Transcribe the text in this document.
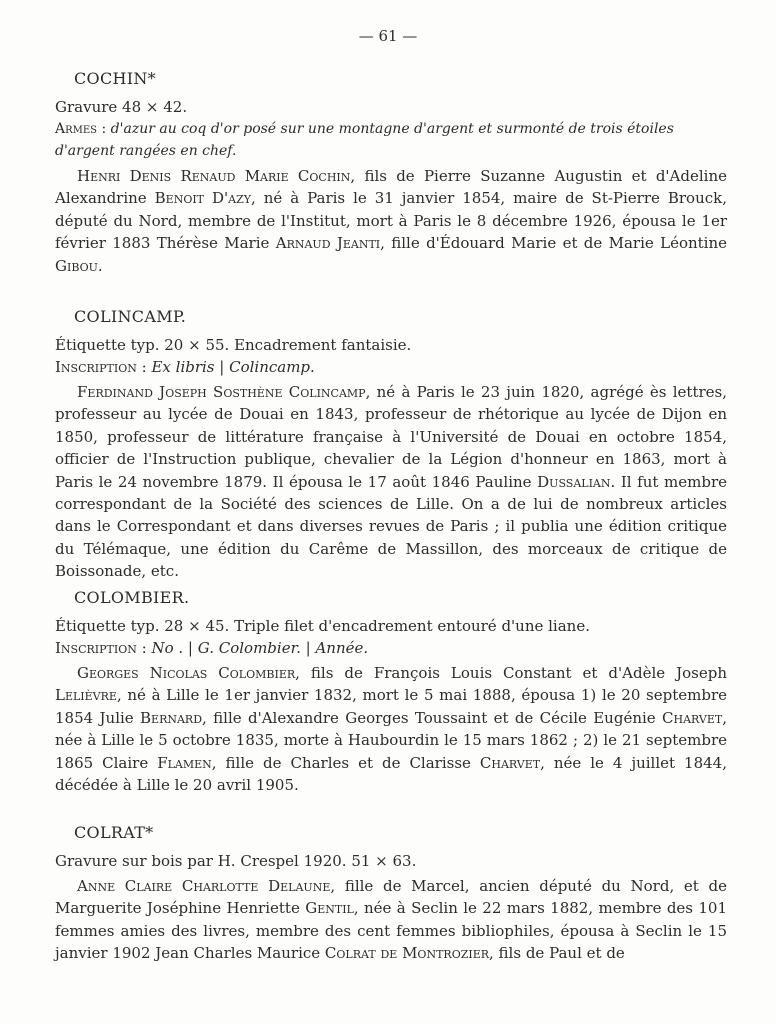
— 61 —
COCHIN*
Gravure 48 × 42.
Armes : d'azur au coq d'or posé sur une montagne d'argent et surmonté de trois étoiles d'argent rangées en chef.
Henri Denis Renaud Marie Cochin, fils de Pierre Suzanne Augustin et d'Adeline Alexandrine Benoit D'azy, né à Paris le 31 janvier 1854, maire de St-Pierre Brouck, député du Nord, membre de l'Institut, mort à Paris le 8 décembre 1926, épousa le 1er février 1883 Thérèse Marie Arnaud Jeanti, fille d'Édouard Marie et de Marie Léontine Gibou.
COLINCAMP.
Étiquette typ. 20 × 55. Encadrement fantaisie.
Inscription : Ex libris | Colincamp.
Ferdinand Joseph Sosthène Colincamp, né à Paris le 23 juin 1820, agrégé ès lettres, professeur au lycée de Douai en 1843, professeur de rhétorique au lycée de Dijon en 1850, professeur de littérature française à l'Université de Douai en octobre 1854, officier de l'Instruction publique, chevalier de la Légion d'honneur en 1863, mort à Paris le 24 novembre 1879. Il épousa le 17 août 1846 Pauline Dussalian. Il fut membre correspondant de la Société des sciences de Lille. On a de lui de nombreux articles dans le Correspondant et dans diverses revues de Paris ; il publia une édition critique du Télémaque, une édition du Carême de Massillon, des morceaux de critique de Boissonade, etc.
COLOMBIER.
Étiquette typ. 28 × 45. Triple filet d'encadrement entouré d'une liane.
Inscription : No . | G. Colombier. | Année.
Georges Nicolas Colombier, fils de François Louis Constant et d'Adèle Joseph Lelièvre, né à Lille le 1er janvier 1832, mort le 5 mai 1888, épousa 1) le 20 septembre 1854 Julie Bernard, fille d'Alexandre Georges Toussaint et de Cécile Eugénie Charvet, née à Lille le 5 octobre 1835, morte à Haubourdin le 15 mars 1862 ; 2) le 21 septembre 1865 Claire Flamen, fille de Charles et de Clarisse Charvet, née le 4 juillet 1844, décédée à Lille le 20 avril 1905.
COLRAT*
Gravure sur bois par H. Crespel 1920. 51 × 63.
Anne Claire Charlotte Delaune, fille de Marcel, ancien député du Nord, et de Marguerite Joséphine Henriette Gentil, née à Seclin le 22 mars 1882, membre des 101 femmes amies des livres, membre des cent femmes bibliophiles, épousa à Seclin le 15 janvier 1902 Jean Charles Maurice Colrat de Montrozier, fils de Paul et de
